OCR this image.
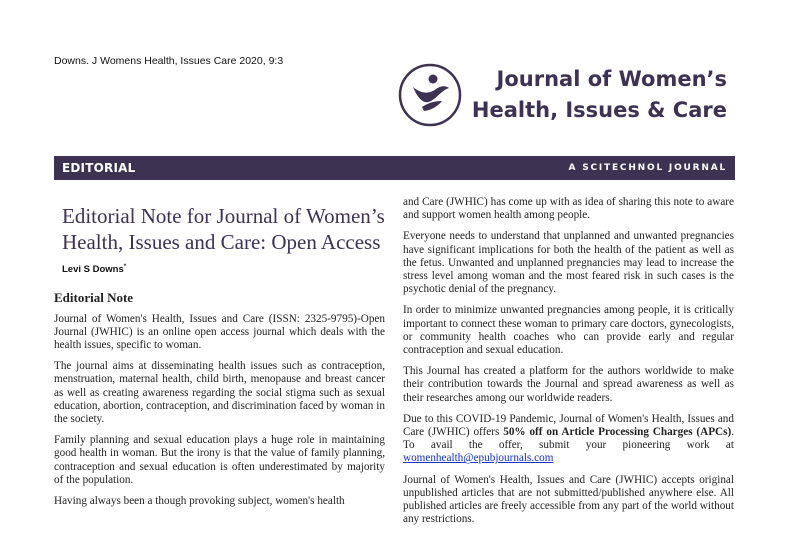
Downs. J Womens Health, Issues Care 2020, 9:3
Journal of Women’s
Health, Issues & Care
EDITORIAL	A SCITECHNOL JOURNAL
Editorial Note for Journal of Women’s Health, Issues and Care: Open Access
Levi S Downs*
Editorial Note

Journal of Women's Health, Issues and Care (ISSN: 2325-9795)-Open Journal (JWHIC) is an online open access journal which deals with the health issues, specific to woman.

The journal aims at disseminating health issues such as contraception, menstruation, maternal health, child birth, menopause and breast cancer as well as creating awareness regarding the social stigma such as sexual education, abortion, contraception, and discrimination faced by woman in the society.

Family planning and sexual education plays a huge role in maintaining good health in woman. But the irony is that the value of family planning, contraception and sexual education is often underestimated by majority of the population.

Having always been a though provoking subject, women's health

and Care (JWHIC) has come up with as idea of sharing this note to aware and support women health among people.

Everyone needs to understand that unplanned and unwanted pregnancies have significant implications for both the health of the patient as well as the fetus. Unwanted and unplanned pregnancies may lead to increase the stress level among woman and the most feared risk in such cases is the psychotic denial of the pregnancy.

In order to minimize unwanted pregnancies among people, it is critically important to connect these woman to primary care doctors, gynecologists, or community health coaches who can provide early and regular contraception and sexual education.

This Journal has created a platform for the authors worldwide to make their contribution towards the Journal and spread awareness as well as their researches among our worldwide readers.

Due to this COVID-19 Pandemic, Journal of Women's Health, Issues and Care (JWHIC) offers 50% off on Article Processing Charges (APCs). To avail the offer, submit your pioneering work at womenhealth@epubjournals.com

Journal of Women's Health, Issues and Care (JWHIC) accepts original unpublished articles that are not submitted/published anywhere else. All published articles are freely accessible from any part of the world without any restrictions.
